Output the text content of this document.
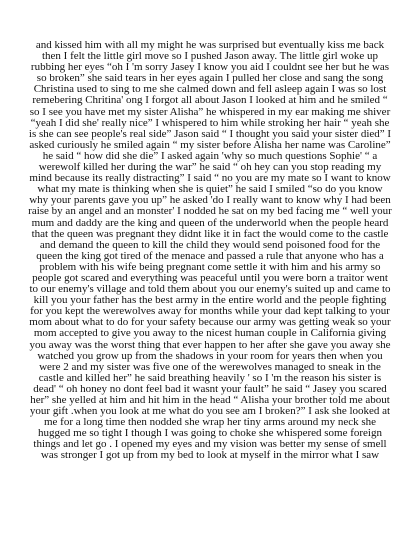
and kissed him with all my might he was surprised but eventually kiss me back
then I felt the little girl move so I pushed Jason away. The little girl woke up
rubbing her eyes “oh I 'm sorry Jasey I know you aid I couldnt see her but he was
so broken” she said tears in her eyes again I pulled her close and sang the song
Christina used to sing to me she calmed down and fell asleep again I was so lost
remebering Chritina' ong I forgot all about Jason I looked at him and he smiled “
so I see you have met my sister Alisha” he whispered in my ear making me shiver
“yeah I did she' really nice” I whispered to him while stroking her hair “ yeah she
is she can see people's real side” Jason said “ I thought you said your sister died” I
asked curiously he smiled again “ my sister before Alisha her name was Caroline”
he said “ how did she die” I asked again 'why so much questions Sophie' “ a
werewolf killed her during the war” he said “ oh hey can you stop reading my
mind because its really distracting” I said “ no you are my mate so I want to know
what my mate is thinking when she is quiet” he said I smiled “so do you know
why your parents gave you up” he asked 'do I really want to know why I had been
raise by an angel and an monster' I nodded he sat on my bed facing me “ well your
mum and daddy are the king and queen of the underworld when the people heard
that the queen was pregnant they didnt like it in fact the would come to the castle
and demand the queen to kill the child they would send poisoned food for the
queen the king got tired of the menace and passed a rule that anyone who has a
problem with his wife being pregnant come settle it with him and his army so
people got scared and everything was peaceful until you were born a traitor went
to our enemy's village and told them about you our enemy's suited up and came to
kill you your father has the best army in the entire world and the people fighting
for you kept the werewolves away for months while your dad kept talking to your
mom about what to do for your safety because our army was getting weak so your
mom accepted to give you away to the nicest human couple in California giving
you away was the worst thing that ever happen to her after she gave you away she
watched you grow up from the shadows in your room for years then when you
were 2 and my sister was five one of the werewolves managed to sneak in the
castle and killed her” he said breathing heavily ' so I 'm the reason his sister is
dead' “ oh honey no dont feel bad it wasnt your fault” he said “ Jasey you scared
her” she yelled at him and hit him in the head “ Alisha your brother told me about
your gift .when you look at me what do you see am I broken?” I ask she looked at
me for a long time then nodded she wrap her tiny arms around my neck she
hugged me so tight I though I was going to choke she whispered some foreign
things and let go . I opened my eyes and my vision was better my sense of smell
was stronger I got up from my bed to look at myself in the mirror what I saw
